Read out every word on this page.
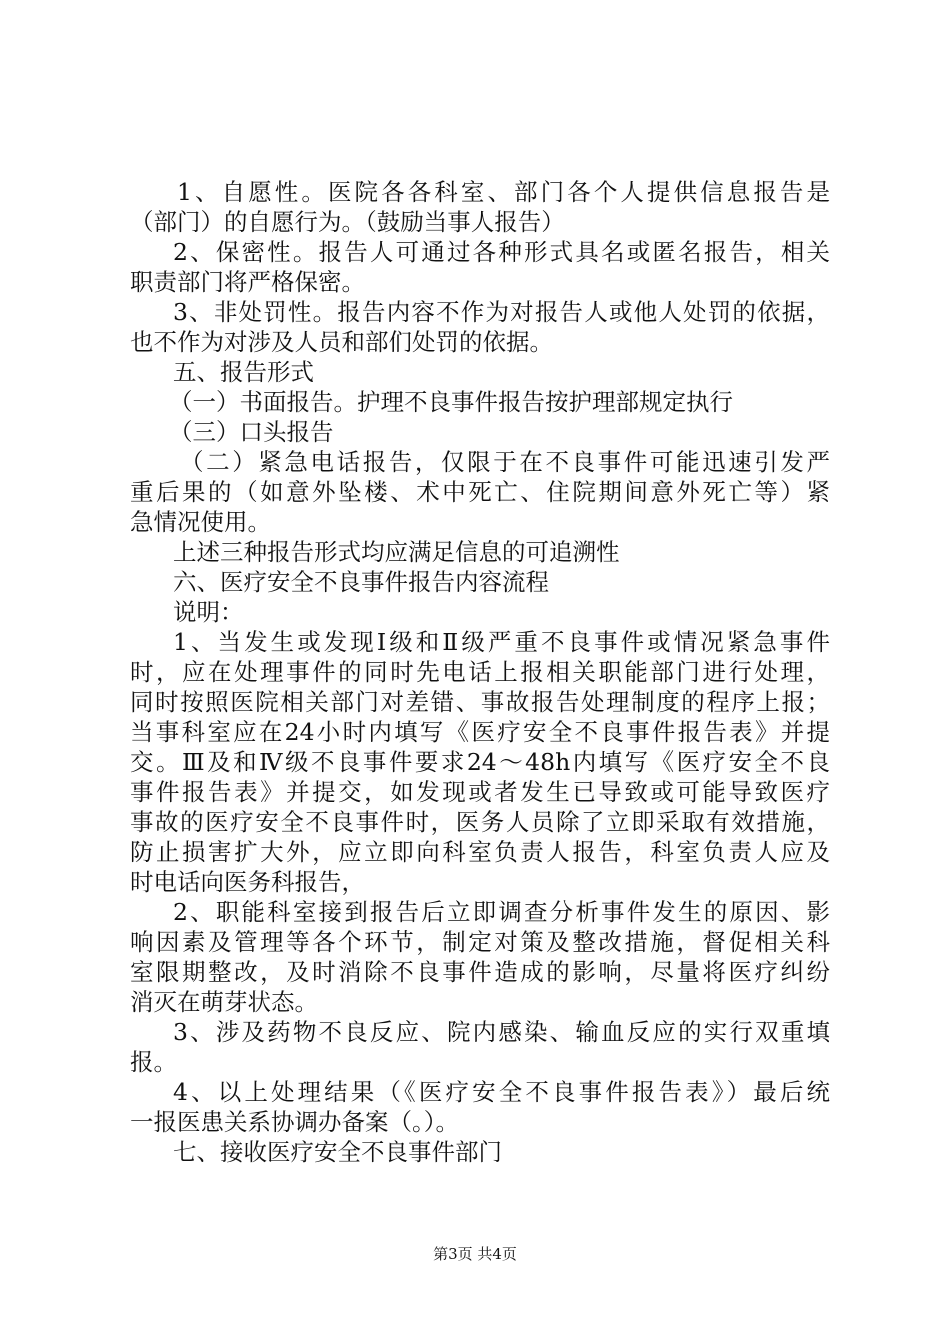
1、自愿性。医院各各科室、部门各个人提供信息报告是
（部门）的自愿行为。（鼓励当事人报告）
2、保密性。报告人可通过各种形式具名或匿名报告，相关
职责部门将严格保密。
3、非处罚性。报告内容不作为对报告人或他人处罚的依据，
也不作为对涉及人员和部们处罚的依据。
五、报告形式
（一）书面报告。护理不良事件报告按护理部规定执行
（三）口头报告
（二）紧急电话报告，仅限于在不良事件可能迅速引发严
重后果的（如意外坠楼、术中死亡、住院期间意外死亡等）紧
急情况使用。
上述三种报告形式均应满足信息的可追溯性
六、医疗安全不良事件报告内容流程
说明：
1、当发生或发现Ⅰ级和Ⅱ级严重不良事件或情况紧急事件
时，应在处理事件的同时先电话上报相关职能部门进行处理，
同时按照医院相关部门对差错、事故报告处理制度的程序上报；
当事科室应在24小时内填写《医疗安全不良事件报告表》并提
交。Ⅲ及和Ⅳ级不良事件要求24～48h内填写《医疗安全不良
事件报告表》并提交，如发现或者发生已导致或可能导致医疗
事故的医疗安全不良事件时，医务人员除了立即采取有效措施，
防止损害扩大外，应立即向科室负责人报告，科室负责人应及
时电话向医务科报告，
2、职能科室接到报告后立即调查分析事件发生的原因、影
响因素及管理等各个环节，制定对策及整改措施，督促相关科
室限期整改，及时消除不良事件造成的影响，尽量将医疗纠纷
消灭在萌芽状态。
3、涉及药物不良反应、院内感染、输血反应的实行双重填
报。
4、以上处理结果（《医疗安全不良事件报告表》）最后统
一报医患关系协调办备案（。）。
七、接收医疗安全不良事件部门
第3页 共4页
